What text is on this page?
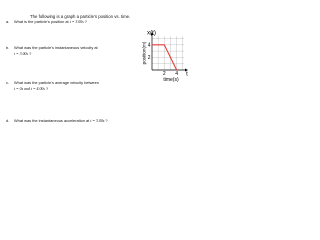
The following is a graph a particle’s position vs. time.
a. What is the particle’s position at t = 3.00s ?
b. What was the particle’s instantaneous velocity at
t = 3.00s ?
c. What was the particle’s average velocity between
t = 0s and t = 4.00s ?
d. What was the instantaneous acceleration at t = 3.00s ?
2 4
2
4
x(t)
position(m)
time(s)
t
